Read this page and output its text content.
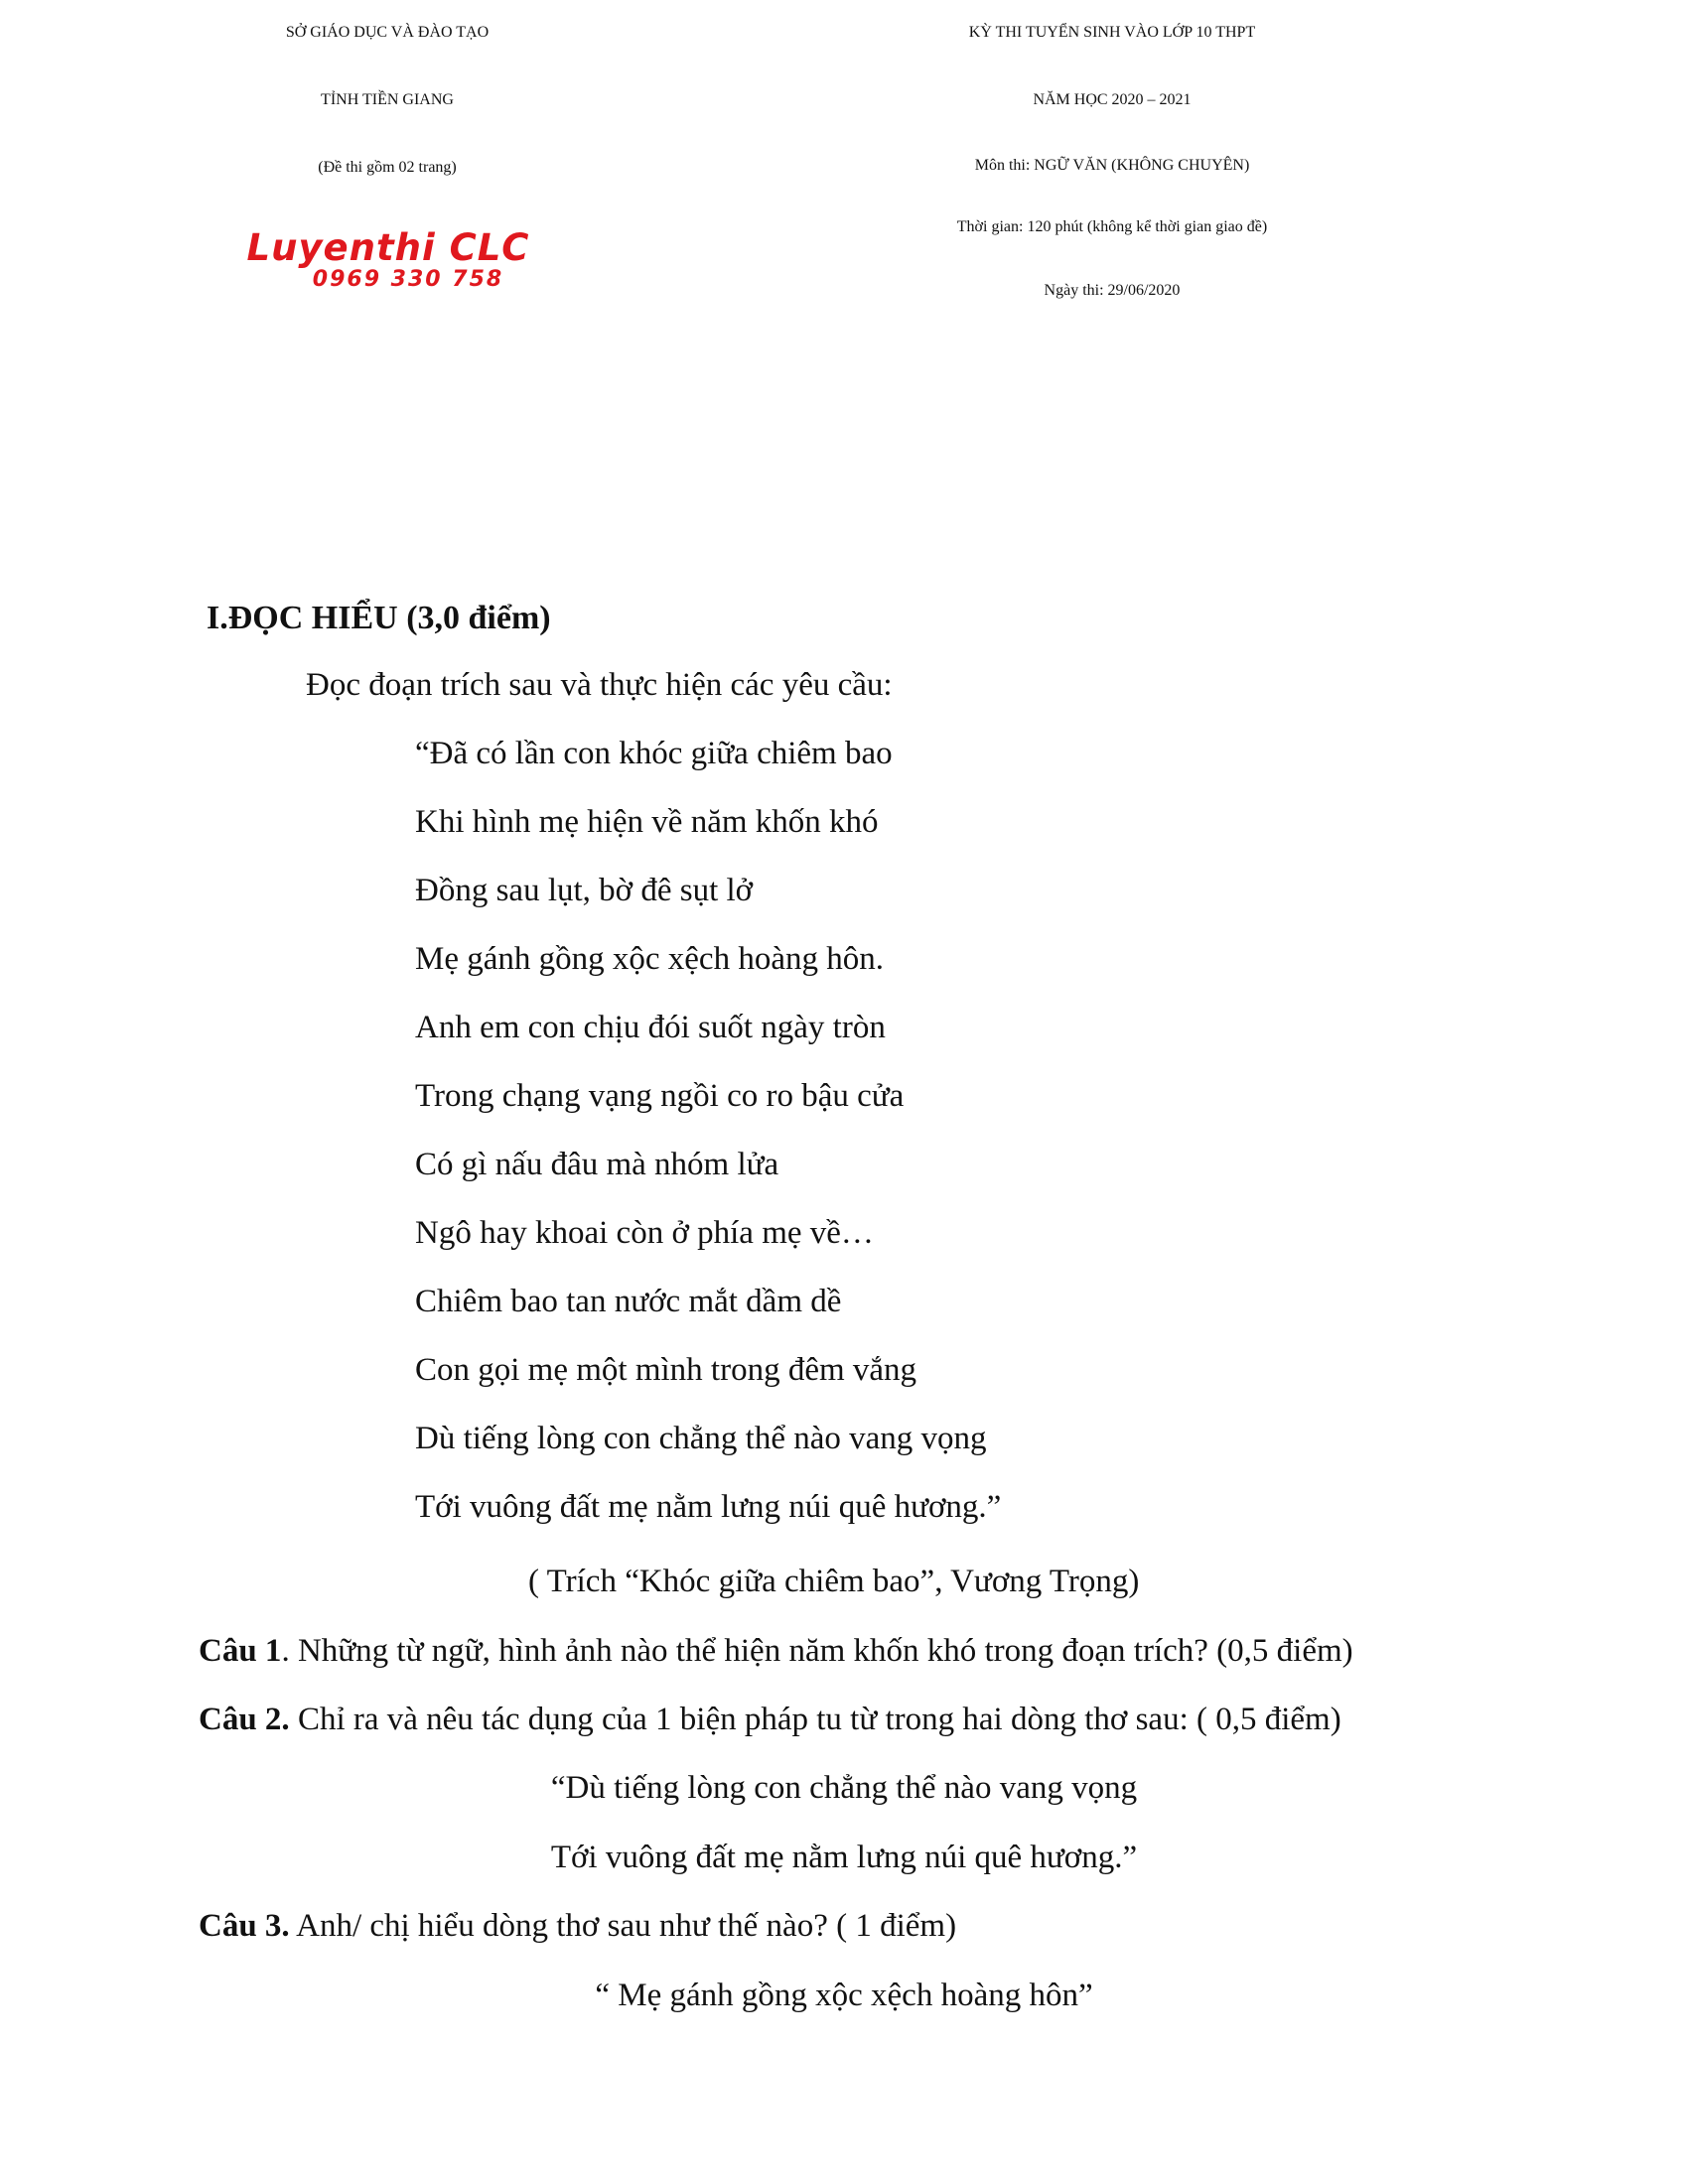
SỞ GIÁO DỤC VÀ ĐÀO TẠO
TỈNH TIỀN GIANG
(Đề thi gồm 02 trang)
Luyenthi CLC
0969 330 758
KỲ THI TUYỂN SINH VÀO LỚP 10 THPT
NĂM HỌC 2020 – 2021
Môn thi: NGỮ VĂN (KHÔNG CHUYÊN)
Thời gian: 120 phút (không kể thời gian giao đề)
Ngày thi: 29/06/2020
I.ĐỌC HIỂU (3,0 điểm)
Đọc đoạn trích sau và thực hiện các yêu cầu:
“Đã có lần con khóc giữa chiêm bao
Khi hình mẹ hiện về năm khốn khó
Đồng sau lụt, bờ đê sụt lở
Mẹ gánh gồng xộc xệch hoàng hôn.
Anh em con chịu đói suốt ngày tròn
Trong chạng vạng ngồi co ro bậu cửa
Có gì nấu đâu mà nhóm lửa
Ngô hay khoai còn ở phía mẹ về…
Chiêm bao tan nước mắt dầm dề
Con gọi mẹ một mình trong đêm vắng
Dù tiếng lòng con chẳng thể nào vang vọng
Tới vuông đất mẹ nằm lưng núi quê hương.”
( Trích “Khóc giữa chiêm bao”, Vương Trọng)
Câu 1. Những từ ngữ, hình ảnh nào thể hiện năm khốn khó trong đoạn trích? (0,5 điểm)
Câu 2. Chỉ ra và nêu tác dụng của 1 biện pháp tu từ trong hai dòng thơ sau: ( 0,5 điểm)
“Dù tiếng lòng con chẳng thể nào vang vọng
Tới vuông đất mẹ nằm lưng núi quê hương.”
Câu 3. Anh/ chị hiểu dòng thơ sau như thế nào? ( 1 điểm)
“ Mẹ gánh gồng xộc xệch hoàng hôn”
